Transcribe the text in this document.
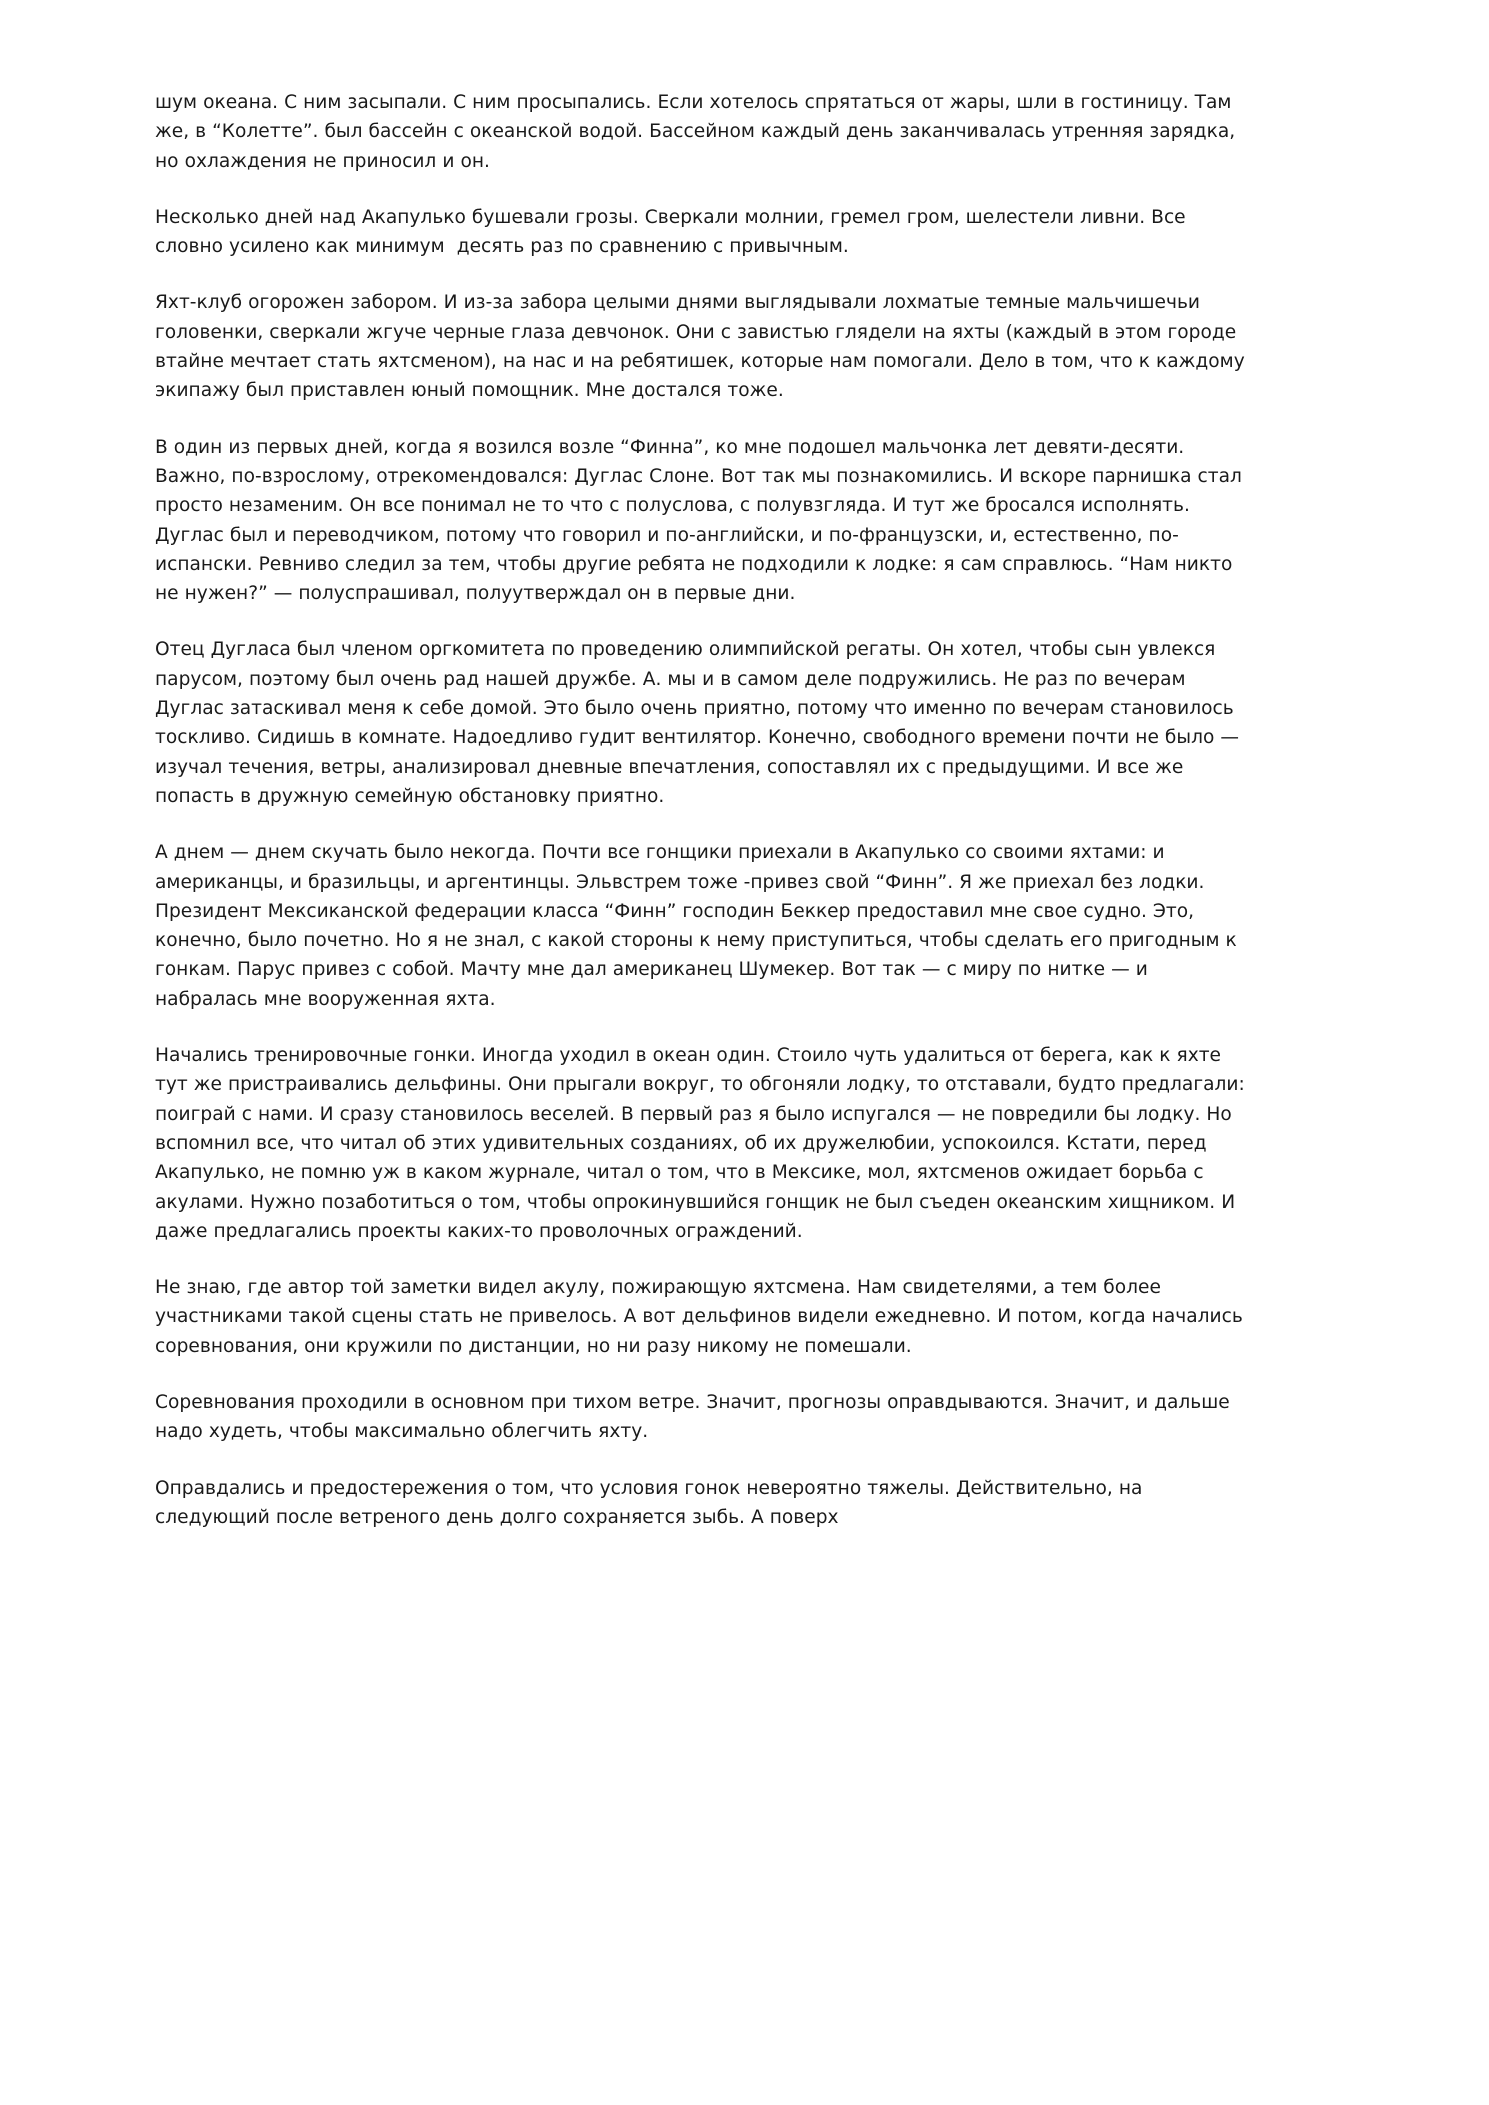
шум океана. С ним засыпали. С ним просыпались. Если хотелось спрятаться от жары, шли в гостиницу. Там же, в “Колетте”. был бассейн с океанской водой. Бассейном каждый день заканчивалась утренняя зарядка, но охлаждения не приносил и он.

Несколько дней над Акапулько бушевали грозы. Сверкали молнии, гремел гром, шелестели ливни. Все словно усилено как минимум  десять раз по сравнению с привычным.

Яхт-клуб огорожен забором. И из-за забора целыми днями выглядывали лохматые темные мальчишечьи головенки, сверкали жгуче черные глаза девчонок. Они с завистью глядели на яхты (каждый в этом городе втайне мечтает стать яхтсменом), на нас и на ребятишек, которые нам помогали. Дело в том, что к каждому экипажу был приставлен юный помощник. Мне достался тоже.

В один из первых дней, когда я возился возле “Финна”, ко мне подошел мальчонка лет девяти-десяти. Важно, по-взрослому, отрекомендовался: Дуглас Слоне. Вот так мы познакомились. И вскоре парнишка стал просто незаменим. Он все понимал не то что с полуслова, с полувзгляда. И тут же бросался исполнять. Дуглас был и переводчиком, потому что говорил и по-английски, и по-французски, и, естественно, по-испански. Ревниво следил за тем, чтобы другие ребята не подходили к лодке: я сам справлюсь. “Нам никто не нужен?” — полуспрашивал, полуутверждал он в первые дни.

Отец Дугласа был членом оргкомитета по проведению олимпийской регаты. Он хотел, чтобы сын увлекся парусом, поэтому был очень рад нашей дружбе. А. мы и в самом деле подружились. Не раз по вечерам Дуглас затаскивал меня к себе домой. Это было очень приятно, потому что именно по вечерам становилось тоскливо. Сидишь в комнате. Надоедливо гудит вентилятор. Конечно, свободного времени почти не было — изучал течения, ветры, анализировал дневные впечатления, сопоставлял их с предыдущими. И все же попасть в дружную семейную обстановку приятно.

А днем — днем скучать было некогда. Почти все гонщики приехали в Акапулько со своими яхтами: и американцы, и бразильцы, и аргентинцы. Эльвстрем тоже -привез свой “Финн”. Я же приехал без лодки. Президент Мексиканской федерации класса “Финн” господин Беккер предоставил мне свое судно. Это, конечно, было почетно. Но я не знал, с какой стороны к нему приступиться, чтобы сделать его пригодным к гонкам. Парус привез с собой. Мачту мне дал американец Шумекер. Вот так — с миру по нитке — и набралась мне вооруженная яхта.

Начались тренировочные гонки. Иногда уходил в океан один. Стоило чуть удалиться от берега, как к яхте тут же пристраивались дельфины. Они прыгали вокруг, то обгоняли лодку, то отставали, будто предлагали: поиграй с нами. И сразу становилось веселей. В первый раз я было испугался — не повредили бы лодку. Но вспомнил все, что читал об этих удивительных созданиях, об их дружелюбии, успокоился. Кстати, перед Акапулько, не помню уж в каком журнале, читал о том, что в Мексике, мол, яхтсменов ожидает борьба с акулами. Нужно позаботиться о том, чтобы опрокинувшийся гонщик не был съеден океанским хищником. И даже предлагались проекты каких-то проволочных ограждений.

Не знаю, где автор той заметки видел акулу, пожирающую яхтсмена. Нам свидетелями, а тем более участниками такой сцены стать не привелось. А вот дельфинов видели ежедневно. И потом, когда начались соревнования, они кружили по дистанции, но ни разу никому не помешали.

Соревнования проходили в основном при тихом ветре. Значит, прогнозы оправдываются. Значит, и дальше надо худеть, чтобы максимально облегчить яхту.

Оправдались и предостережения о том, что условия гонок невероятно тяжелы. Действительно, на следующий после ветреного день долго сохраняется зыбь. А поверх
